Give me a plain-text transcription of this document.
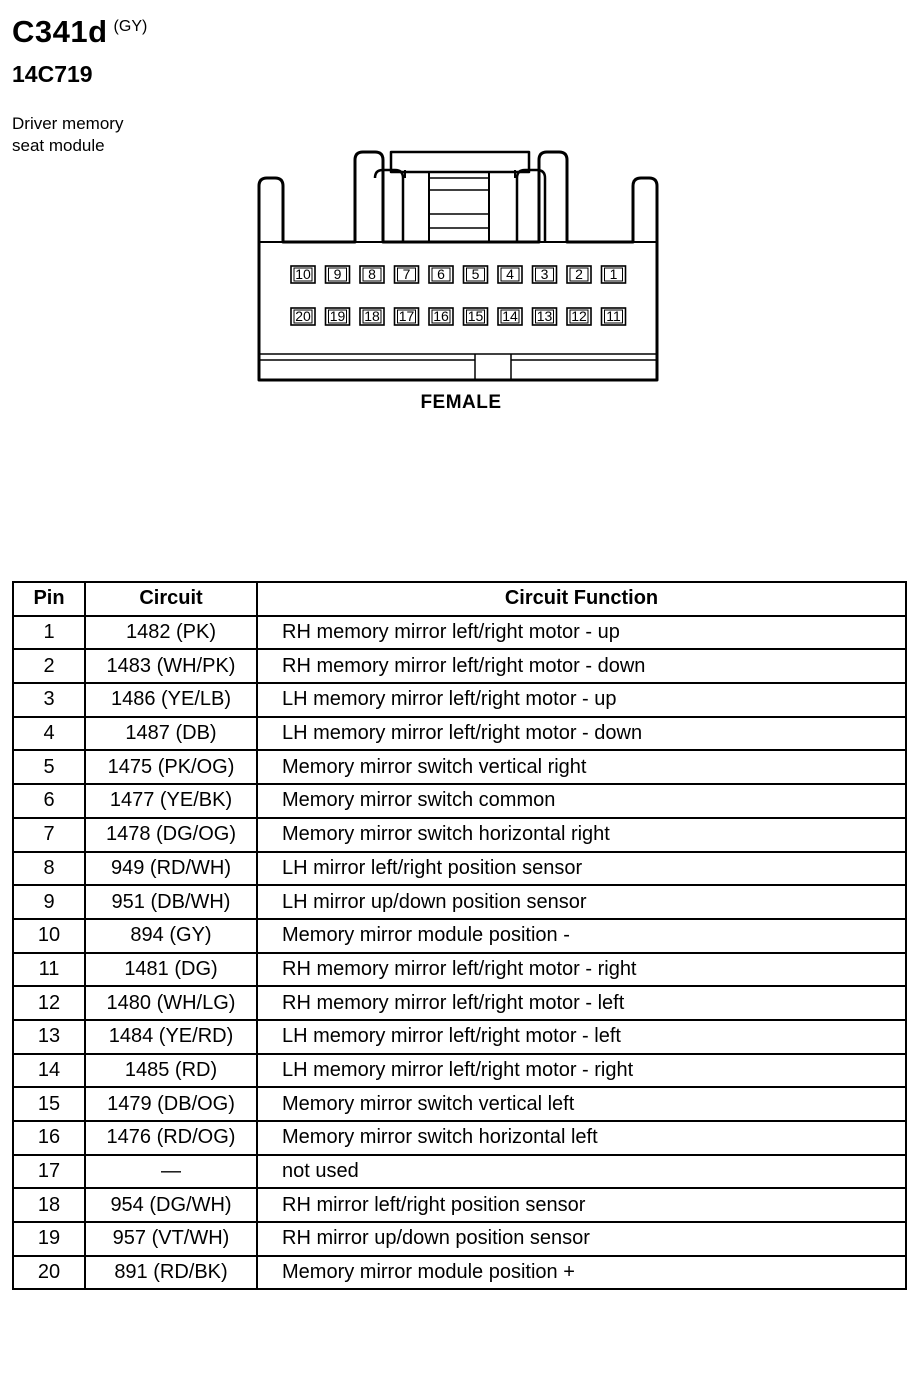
C341d (GY)
14C719
Driver memory
seat module
10 9 8 7 6 5 4 3 2 1
20 19 18 17 16 15 14 13 12 11
FEMALE
Pin	Circuit	Circuit Function
1	1482 (PK)	RH memory mirror left/right motor - up
2	1483 (WH/PK)	RH memory mirror left/right motor - down
3	1486 (YE/LB)	LH memory mirror left/right motor - up
4	1487 (DB)	LH memory mirror left/right motor - down
5	1475 (PK/OG)	Memory mirror switch vertical right
6	1477 (YE/BK)	Memory mirror switch common
7	1478 (DG/OG)	Memory mirror switch horizontal right
8	949 (RD/WH)	LH mirror left/right position sensor
9	951 (DB/WH)	LH mirror up/down position sensor
10	894 (GY)	Memory mirror module position -
11	1481 (DG)	RH memory mirror left/right motor - right
12	1480 (WH/LG)	RH memory mirror left/right motor - left
13	1484 (YE/RD)	LH memory mirror left/right motor - left
14	1485 (RD)	LH memory mirror left/right motor - right
15	1479 (DB/OG)	Memory mirror switch vertical left
16	1476 (RD/OG)	Memory mirror switch horizontal left
17	—	not used
18	954 (DG/WH)	RH mirror left/right position sensor
19	957 (VT/WH)	RH mirror up/down position sensor
20	891 (RD/BK)	Memory mirror module position +
